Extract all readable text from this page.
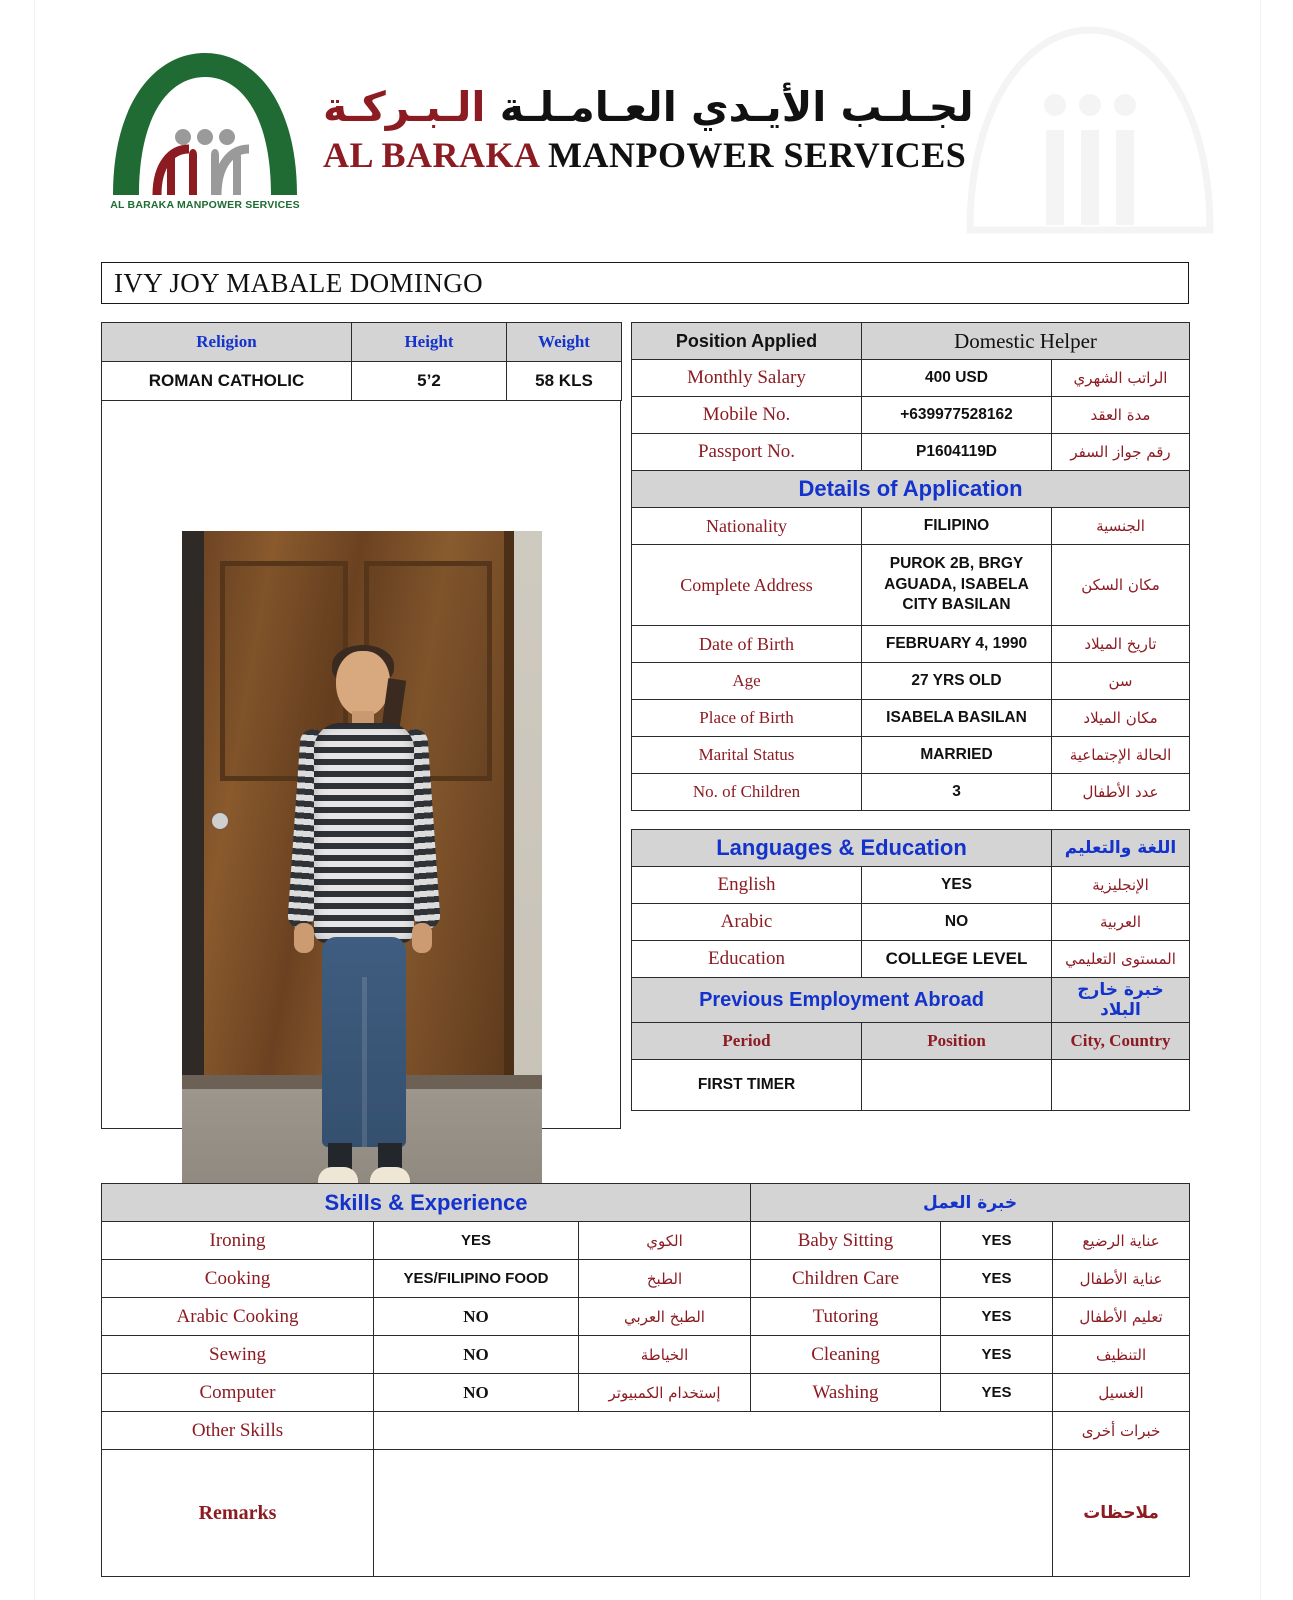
AL BARAKA MANPOWER SERVICES
لجـلـب الأيـدي العـامـلـة الـبـركـة
AL BARAKA MANPOWER SERVICES
IVY JOY MABALE DOMINGO
Religion	Height	Weight
ROMAN CATHOLIC	5’2	58 KLS
Position Applied	Domestic Helper	
Monthly Salary	400 USD	الراتب الشهري
Mobile No.	+639977528162	مدة العقد
Passport No.	P1604119D	رقم جواز السفر
Details of Application		
Nationality	FILIPINO	الجنسية
Complete Address	PUROK 2B, BRGY AGUADA, ISABELA CITY BASILAN	مكان السكن
Date of Birth	FEBRUARY 4, 1990	تاريخ الميلاد
Age	27 YRS OLD	سن
Place of Birth	ISABELA BASILAN	مكان الميلاد
Marital Status	MARRIED	الحالة الإجتماعية
No. of Children	3	عدد الأطفال
Languages & Education		اللغة والتعليم
English	YES	الإنجليزية
Arabic	NO	العربية
Education	COLLEGE LEVEL	المستوى التعليمي
Previous Employment Abroad		خبرة خارج البلاد
Period	Position	City, Country
FIRST TIMER		
Skills & Experience			خبرة العمل		
Ironing	YES	الكوي	Baby Sitting	YES	عناية الرضيع
Cooking	YES/FILIPINO FOOD	الطبخ	Children Care	YES	عناية الأطفال
Arabic Cooking	NO	الطبخ العربي	Tutoring	YES	تعليم الأطفال
Sewing	NO	الخياطة	Cleaning	YES	التنظيف
Computer	NO	إستخدام الكمبيوتر	Washing	YES	الغسيل
Other Skills					خبرات أخرى
Remarks					ملاحظات
